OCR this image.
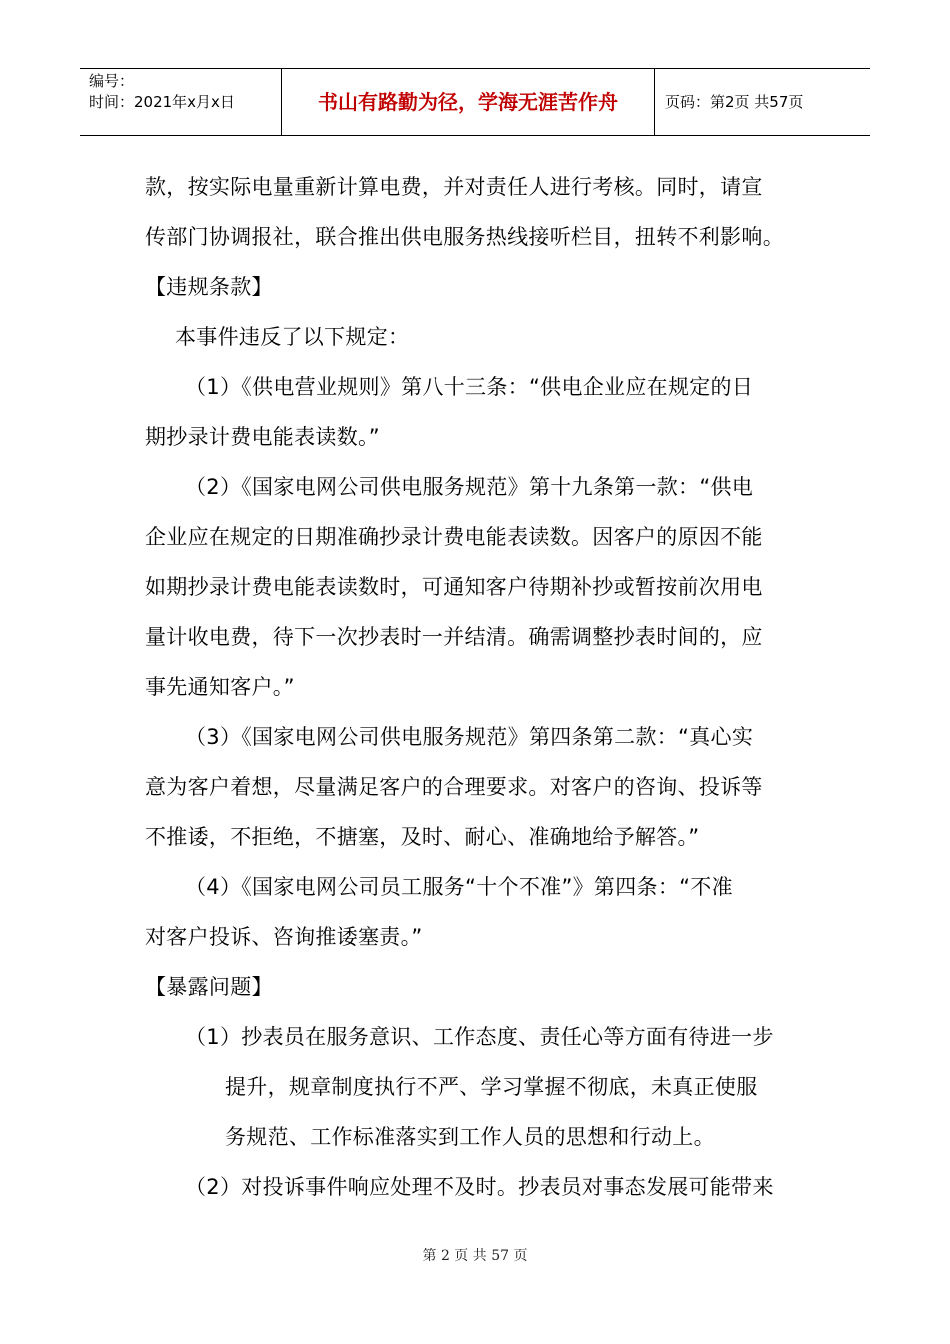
编号：
时间：2021年x月x日	书山有路勤为径，学海无涯苦作舟	页码：第2页 共57页
款，按实际电量重新计算电费，并对责任人进行考核。同时，请宣
传部门协调报社，联合推出供电服务热线接听栏目，扭转不利影响。
【违规条款】
本事件违反了以下规定：
（1）《供电营业规则》第八十三条：“供电企业应在规定的日
期抄录计费电能表读数。”
（2）《国家电网公司供电服务规范》第十九条第一款：“供电
企业应在规定的日期准确抄录计费电能表读数。因客户的原因不能
如期抄录计费电能表读数时，可通知客户待期补抄或暂按前次用电
量计收电费，待下一次抄表时一并结清。确需调整抄表时间的，应
事先通知客户。”
（3）《国家电网公司供电服务规范》第四条第二款：“真心实
意为客户着想，尽量满足客户的合理要求。对客户的咨询、投诉等
不推诿，不拒绝，不搪塞，及时、耐心、准确地给予解答。”
（4）《国家电网公司员工服务“十个不准”》第四条：“不准
对客户投诉、咨询推诿塞责。”
【暴露问题】
（1）抄表员在服务意识、工作态度、责任心等方面有待进一步
提升，规章制度执行不严、学习掌握不彻底，未真正使服
务规范、工作标准落实到工作人员的思想和行动上。
（2）对投诉事件响应处理不及时。抄表员对事态发展可能带来
第 2 页 共 57 页
